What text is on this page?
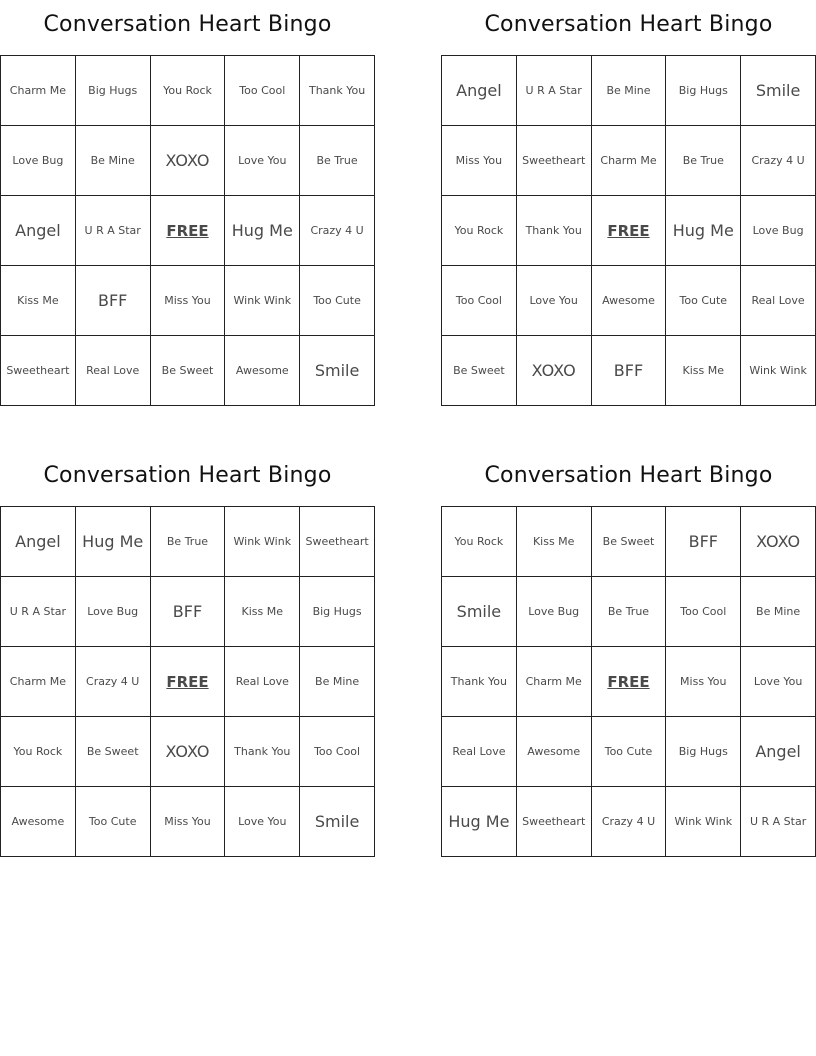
Conversation Heart Bingo
Charm Me	Big Hugs	You Rock	Too Cool	Thank You
Love Bug	Be Mine	XOXO	Love You	Be True
Angel	U R A Star	FREE	Hug Me	Crazy 4 U
Kiss Me	BFF	Miss You	Wink Wink	Too Cute
Sweetheart	Real Love	Be Sweet	Awesome	Smile
Conversation Heart Bingo
Angel	U R A Star	Be Mine	Big Hugs	Smile
Miss You	Sweetheart	Charm Me	Be True	Crazy 4 U
You Rock	Thank You	FREE	Hug Me	Love Bug
Too Cool	Love You	Awesome	Too Cute	Real Love
Be Sweet	XOXO	BFF	Kiss Me	Wink Wink
Conversation Heart Bingo
Angel	Hug Me	Be True	Wink Wink	Sweetheart
U R A Star	Love Bug	BFF	Kiss Me	Big Hugs
Charm Me	Crazy 4 U	FREE	Real Love	Be Mine
You Rock	Be Sweet	XOXO	Thank You	Too Cool
Awesome	Too Cute	Miss You	Love You	Smile
Conversation Heart Bingo
You Rock	Kiss Me	Be Sweet	BFF	XOXO
Smile	Love Bug	Be True	Too Cool	Be Mine
Thank You	Charm Me	FREE	Miss You	Love You
Real Love	Awesome	Too Cute	Big Hugs	Angel
Hug Me	Sweetheart	Crazy 4 U	Wink Wink	U R A Star
